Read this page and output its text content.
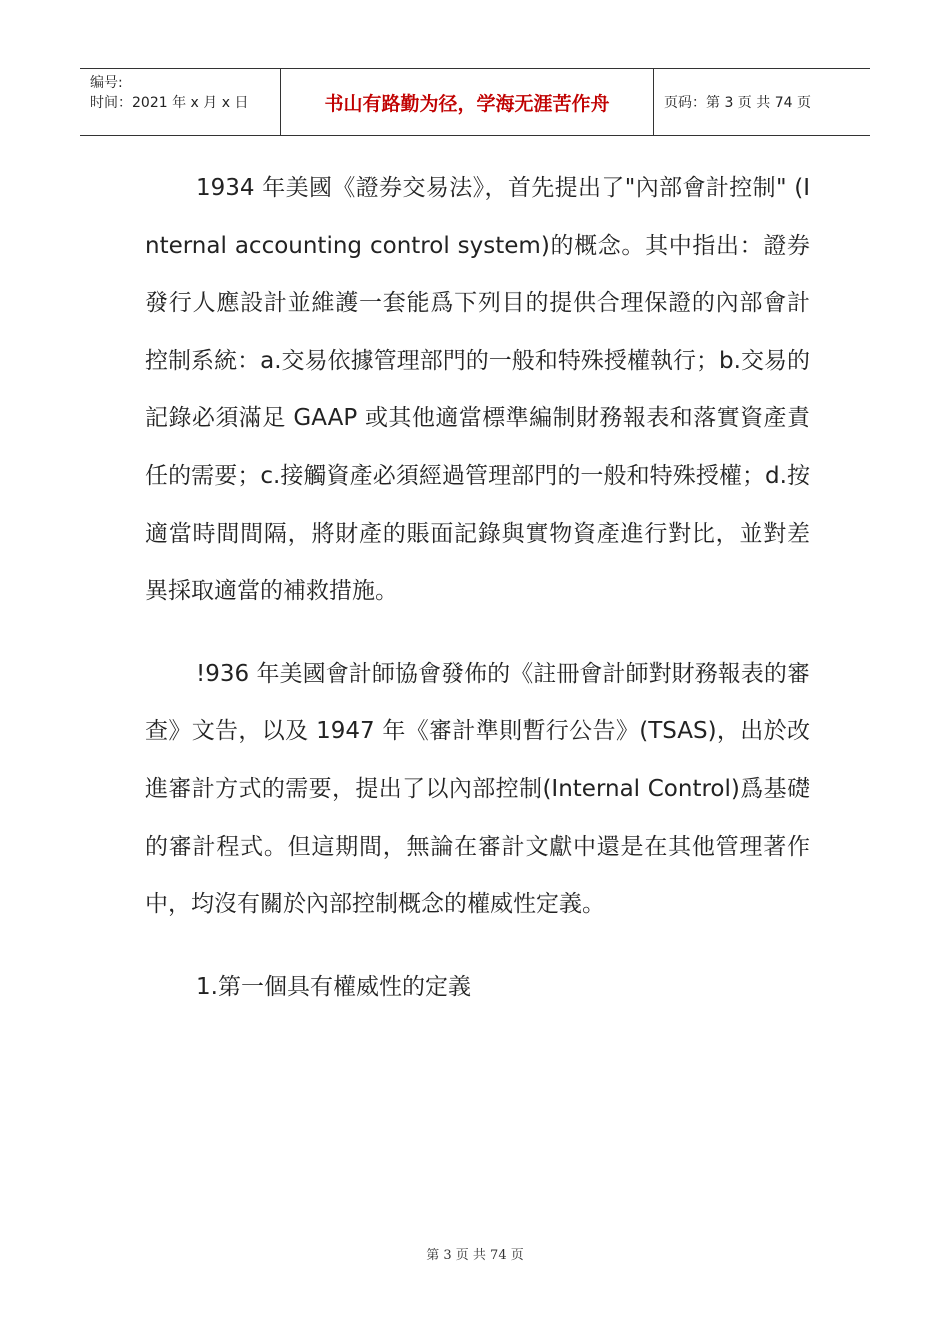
编号:
时间：2021 年 x 月 x 日	书山有路勤为径，学海无涯苦作舟	页码：第 3 页 共 74 页

1934 年美國《證券交易法》，首先提出了"內部會計控制" (Internal accounting control system)的概念。其中指出：證券發行人應設計並維護一套能爲下列目的提供合理保證的內部會計控制系統：a.交易依據管理部門的一般和特殊授權執行；b.交易的記錄必須滿足 GAAP 或其他適當標準編制財務報表和落實資產責任的需要；c.接觸資產必須經過管理部門的一般和特殊授權；d.按適當時間間隔，將財產的賬面記錄與實物資產進行對比，並對差異採取適當的補救措施。

!936 年美國會計師協會發佈的《註冊會計師對財務報表的審查》文告，以及 1947 年《審計準則暫行公告》(TSAS)，出於改進審計方式的需要，提出了以內部控制(Internal Control)爲基礎的審計程式。但這期間，無論在審計文獻中還是在其他管理著作中，均沒有關於內部控制概念的權威性定義。

1.第一個具有權威性的定義

第 3 页 共 74 页
